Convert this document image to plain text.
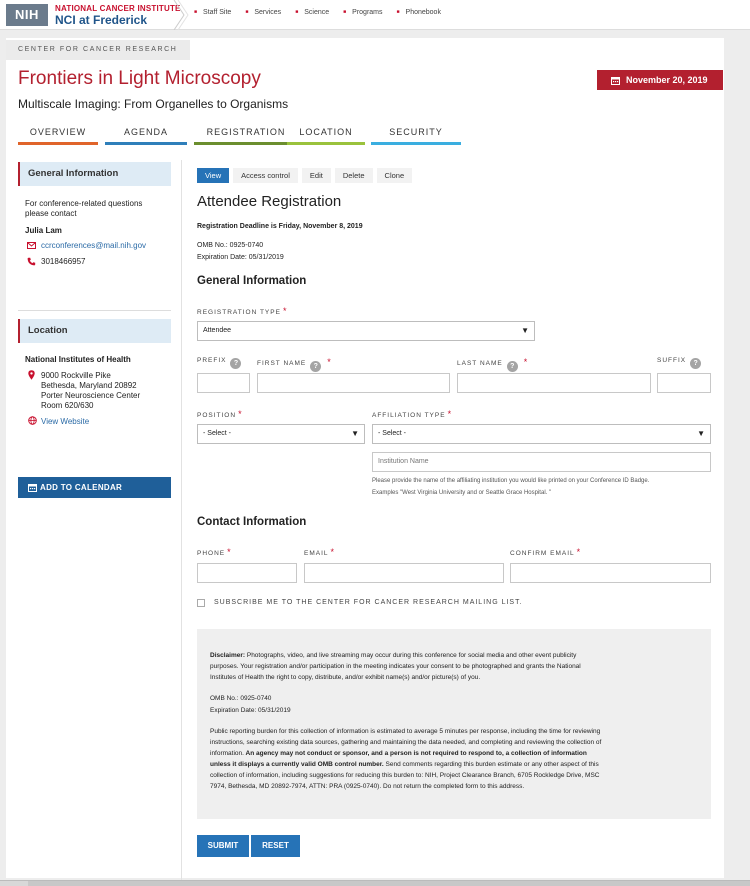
NIH	NATIONAL CANCER INSTITUTE
NCI at Frederick
■ Staff Site	■ Services	■ Science	■ Programs	■ Phonebook
CENTER FOR CANCER RESEARCH
Frontiers in Light Microscopy
Multiscale Imaging: From Organelles to Organisms
November 20, 2019
OVERVIEW	AGENDA	REGISTRATION	LOCATION	SECURITY
General Information
For conference-related questions
please contact
Julia Lam
ccrconferences@mail.nih.gov
3018466957
Location
National Institutes of Health
9000 Rockville Pike
Bethesda, Maryland 20892
Porter Neuroscience Center
Room 620/630
View Website
ADD TO CALENDAR
View	Access control	Edit	Delete	Clone
Attendee Registration
Registration Deadline is Friday, November 8, 2019
OMB No.: 0925-0740
Expiration Date: 05/31/2019
General Information
REGISTRATION TYPE *
Attendee	▼
PREFIX ?	FIRST NAME ? *	LAST NAME ? *	SUFFIX ?
POSITION *	AFFILIATION TYPE *
- Select -	▼	- Select -	▼
Institution Name
Please provide the name of the affiliating institution you would like printed on your Conference ID Badge.
Examples "West Virginia University and or Seattle Grace Hospital. "
Contact Information
PHONE *	EMAIL *	CONFIRM EMAIL *
SUBSCRIBE ME TO THE CENTER FOR CANCER RESEARCH MAILING LIST.
Disclaimer: Photographs, video, and live streaming may occur during this conference for social media and other event publicity
purposes. Your registration and/or participation in the meeting indicates your consent to be photographed and grants the National
Institutes of Health the right to copy, distribute, and/or exhibit name(s) and/or picture(s) of you.
OMB No.: 0925-0740
Expiration Date: 05/31/2019
Public reporting burden for this collection of information is estimated to average 5 minutes per response, including the time for reviewing
instructions, searching existing data sources, gathering and maintaining the data needed, and completing and reviewing the collection of
information. An agency may not conduct or sponsor, and a person is not required to respond to, a collection of information
unless it displays a currently valid OMB control number. Send comments regarding this burden estimate or any other aspect of this
collection of information, including suggestions for reducing this burden to: NIH, Project Clearance Branch, 6705 Rockledge Drive, MSC
7974, Bethesda, MD 20892-7974, ATTN: PRA (0925-0740). Do not return the completed form to this address.
SUBMIT	RESET
